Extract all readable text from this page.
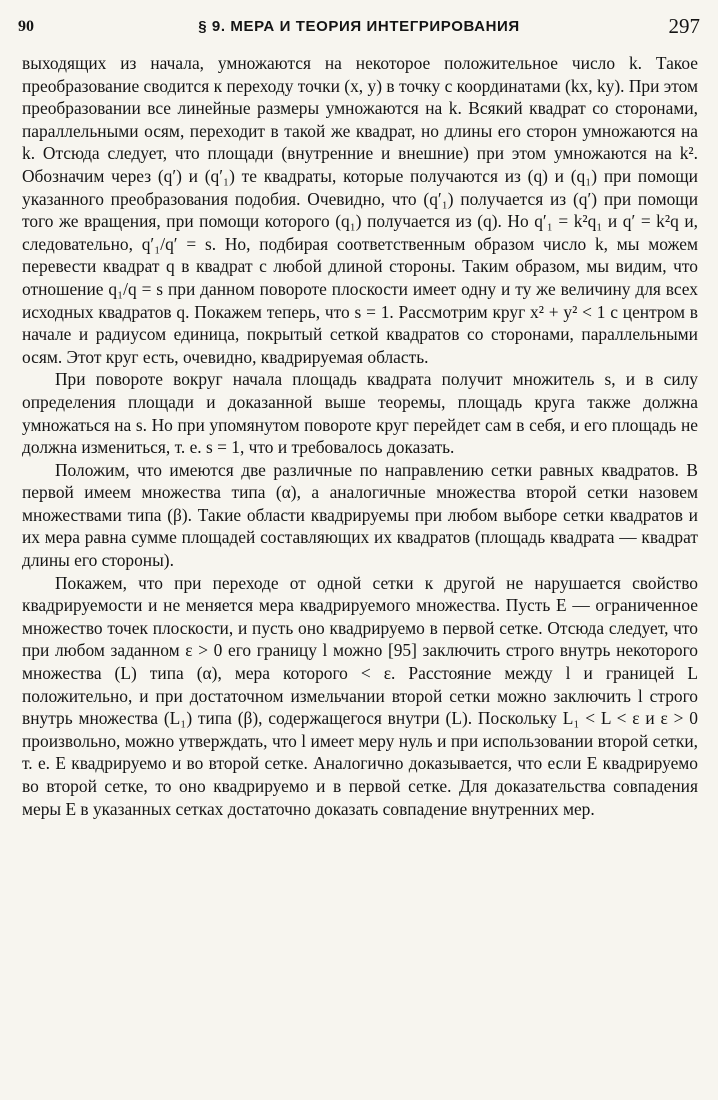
90	§ 9. МЕРА И ТЕОРИЯ ИНТЕГРИРОВАНИЯ	297

выходящих из начала, умножаются на некоторое положительное число k. Такое преобразование сводится к переходу точки (x, y) в точку с координатами (kx, ky). При этом преобразовании все линейные размеры умножаются на k. Всякий квадрат со сторонами, параллельными осям, переходит в такой же квадрат, но длины его сторон умножаются на k. Отсюда следует, что площади (внутренние и внешние) при этом умножаются на k². Обозначим через (q′) и (q′₁) те квадраты, которые получаются из (q) и (q₁) при помощи указанного преобразования подобия. Очевидно, что (q′₁) получается из (q′) при помощи того же вращения, при помощи которого (q₁) получается из (q). Но q′₁ = k²q₁ и q′ = k²q и, следовательно, q′₁/q′ = s. Но, подбирая соответственным образом число k, мы можем перевести квадрат q в квадрат с любой длиной стороны. Таким образом, мы видим, что отношение q₁/q = s при данном повороте плоскости имеет одну и ту же величину для всех исходных квадратов q. Покажем теперь, что s = 1. Рассмотрим круг x² + y² < 1 с центром в начале и радиусом единица, покрытый сеткой квадратов со сторонами, параллельными осям. Этот круг есть, очевидно, квадрируемая область.

При повороте вокруг начала площадь квадрата получит множитель s, и в силу определения площади и доказанной выше теоремы, площадь круга также должна умножаться на s. Но при упомянутом повороте круг перейдет сам в себя, и его площадь не должна измениться, т. е. s = 1, что и требовалось доказать.

Положим, что имеются две различные по направлению сетки равных квадратов. В первой имеем множества типа (α), а аналогичные множества второй сетки назовем множествами типа (β). Такие области квадрируемы при любом выборе сетки квадратов и их мера равна сумме площадей составляющих их квадратов (площадь квадрата — квадрат длины его стороны).

Покажем, что при переходе от одной сетки к другой не нарушается свойство квадрируемости и не меняется мера квадрируемого множества. Пусть E — ограниченное множество точек плоскости, и пусть оно квадрируемо в первой сетке. Отсюда следует, что при любом заданном ε > 0 его границу l можно [95] заключить строго внутрь некоторого множества (L) типа (α), мера которого < ε. Расстояние между l и границей L положительно, и при достаточном измельчании второй сетки можно заключить l строго внутрь множества (L₁) типа (β), содержащегося внутри (L). Поскольку L₁ < L < ε и ε > 0 произвольно, можно утверждать, что l имеет меру нуль и при использовании второй сетки, т. е. E квадрируемо и во второй сетке. Аналогично доказывается, что если E квадрируемо во второй сетке, то оно квадрируемо и в первой сетке. Для доказательства совпадения меры E в указанных сетках достаточно доказать совпадение внутренних мер.
